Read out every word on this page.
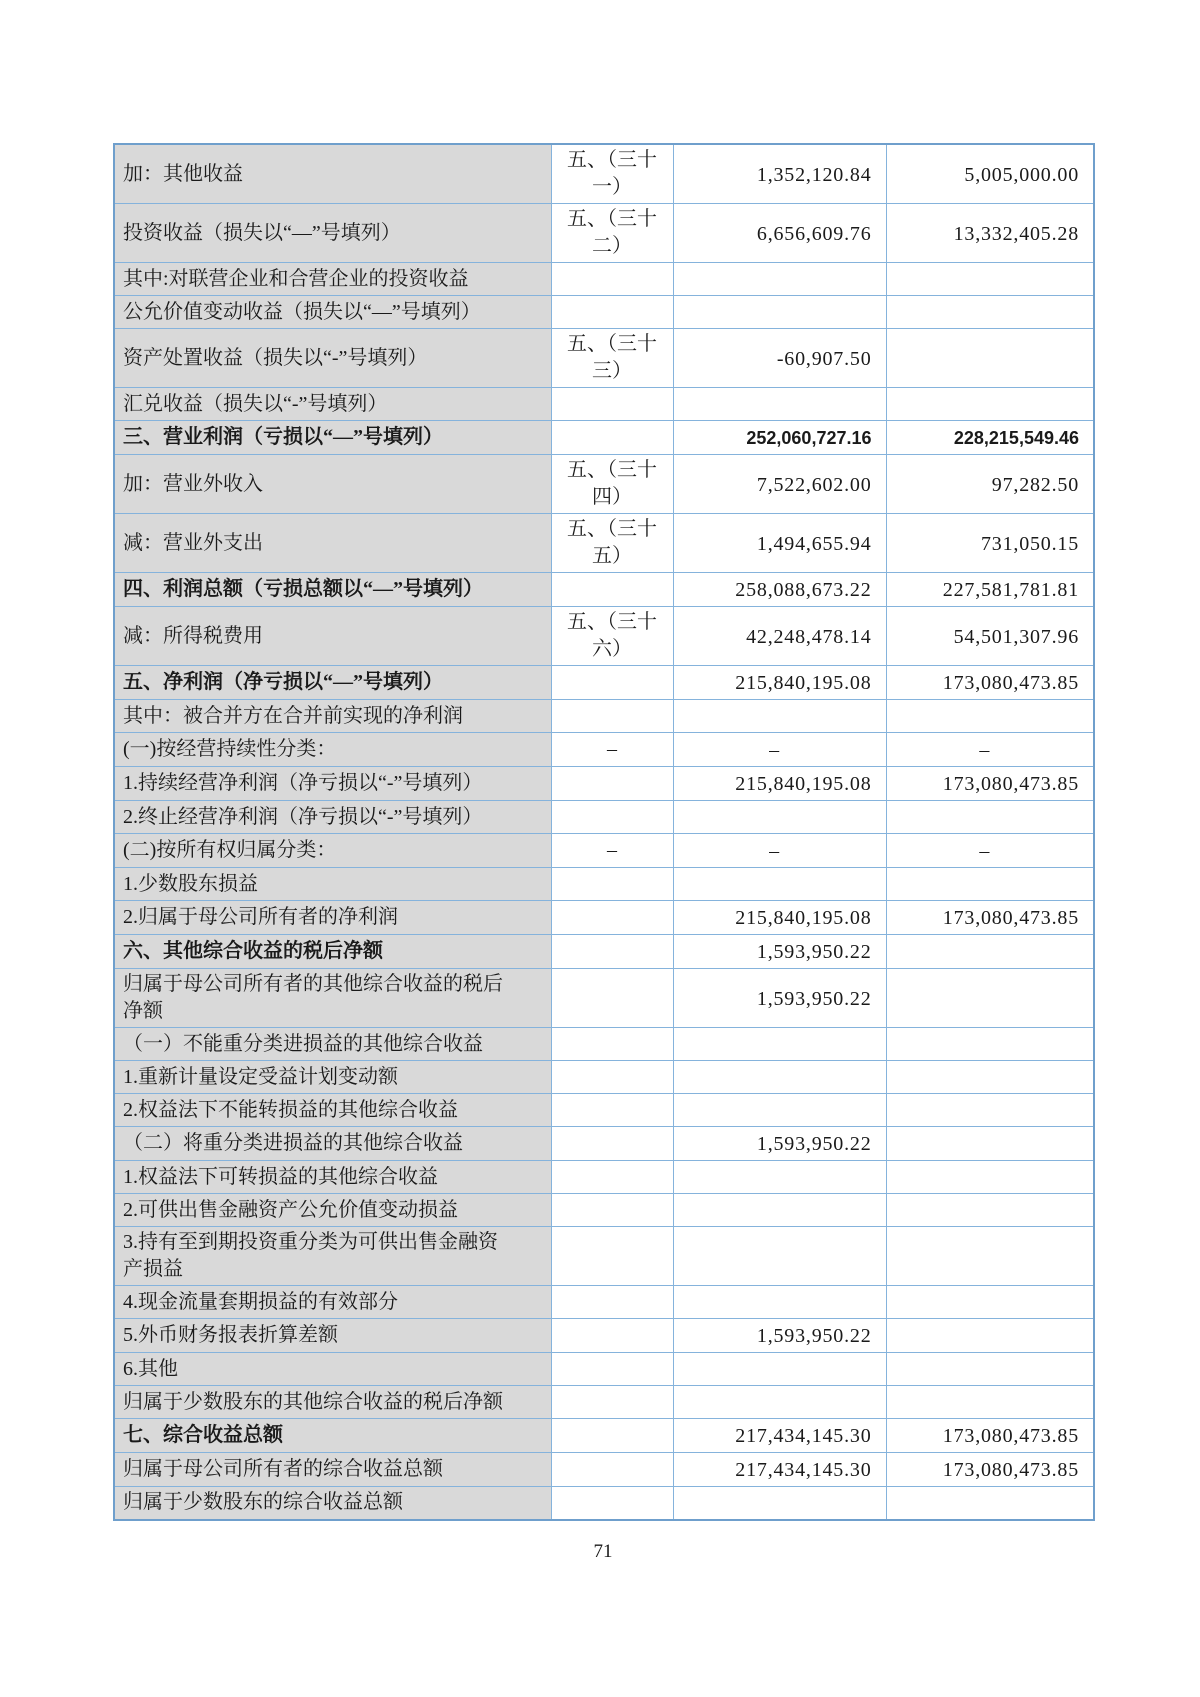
加：其他收益	五、（三十一）	1,352,120.84	5,005,000.00
投资收益（损失以“—”号填列）	五、（三十二）	6,656,609.76	13,332,405.28
其中:对联营企业和合营企业的投资收益			
公允价值变动收益（损失以“—”号填列）			
资产处置收益（损失以“-”号填列）	五、（三十三）	-60,907.50	
汇兑收益（损失以“-”号填列）			
三、营业利润（亏损以“—”号填列）		252,060,727.16	228,215,549.46
加：营业外收入	五、（三十四）	7,522,602.00	97,282.50
减：营业外支出	五、（三十五）	1,494,655.94	731,050.15
四、利润总额（亏损总额以“—”号填列）		258,088,673.22	227,581,781.81
减：所得税费用	五、（三十六）	42,248,478.14	54,501,307.96
五、净利润（净亏损以“—”号填列）		215,840,195.08	173,080,473.85
其中：被合并方在合并前实现的净利润			
(一)按经营持续性分类：	–	–	–
1.持续经营净利润（净亏损以“-”号填列）		215,840,195.08	173,080,473.85
2.终止经营净利润（净亏损以“-”号填列）			
(二)按所有权归属分类：	–	–	–
1.少数股东损益			
2.归属于母公司所有者的净利润		215,840,195.08	173,080,473.85
六、其他综合收益的税后净额		1,593,950.22	
归属于母公司所有者的其他综合收益的税后净额		1,593,950.22	
（一）不能重分类进损益的其他综合收益			
1.重新计量设定受益计划变动额			
2.权益法下不能转损益的其他综合收益			
（二）将重分类进损益的其他综合收益		1,593,950.22	
1.权益法下可转损益的其他综合收益			
2.可供出售金融资产公允价值变动损益			
3.持有至到期投资重分类为可供出售金融资产损益			
4.现金流量套期损益的有效部分			
5.外币财务报表折算差额		1,593,950.22	
6.其他			
归属于少数股东的其他综合收益的税后净额			
七、综合收益总额		217,434,145.30	173,080,473.85
归属于母公司所有者的综合收益总额		217,434,145.30	173,080,473.85
归属于少数股东的综合收益总额			
71
